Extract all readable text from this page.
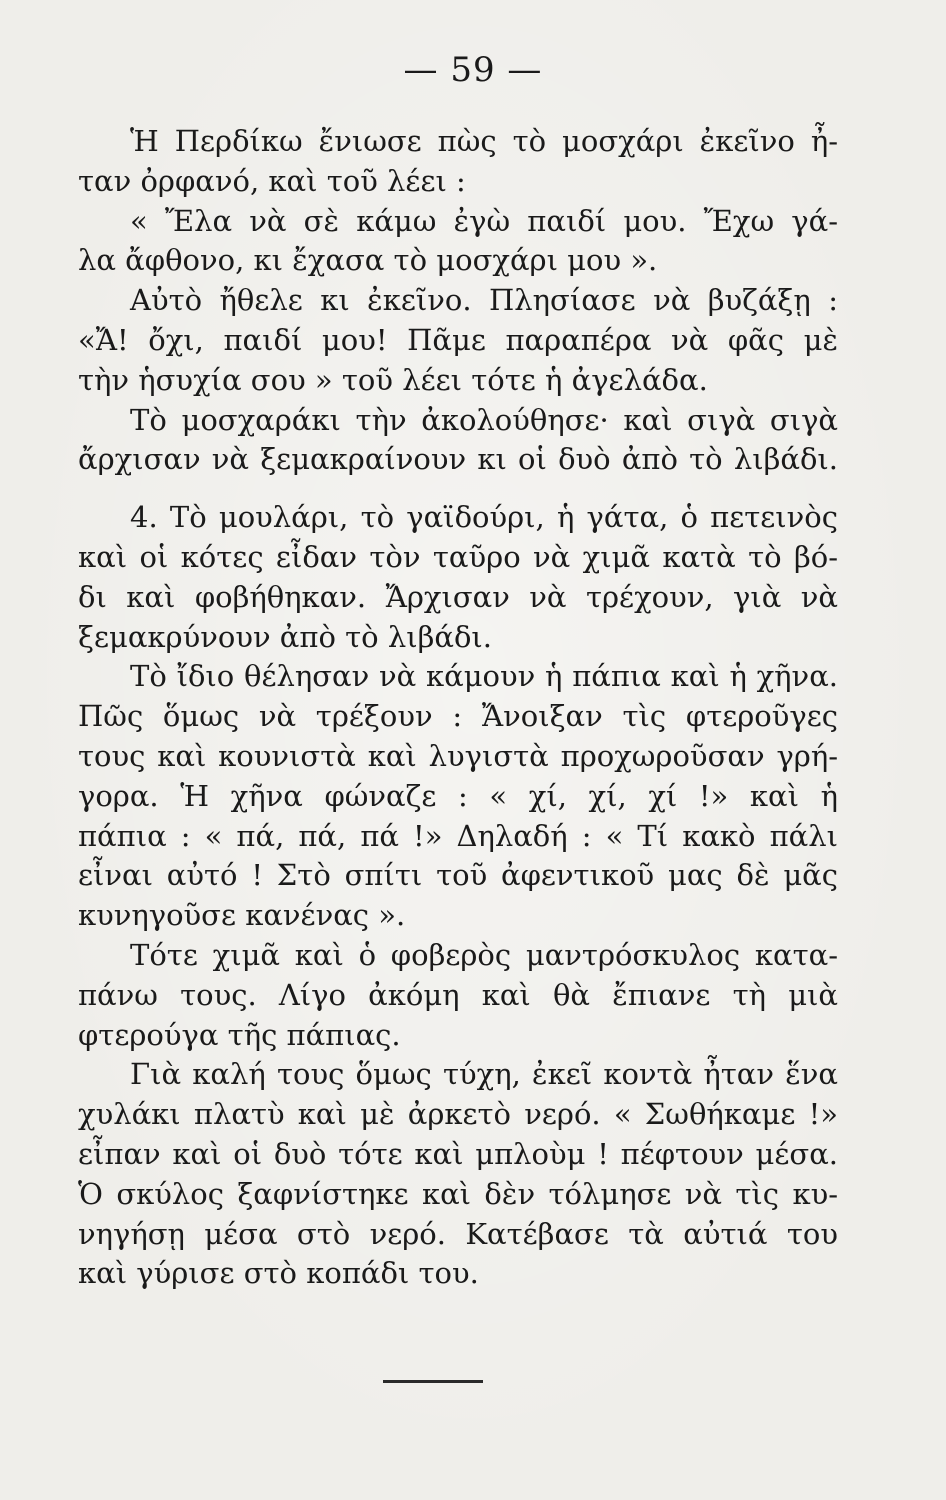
— 59 —
Ἡ Περδίκω ἔνιωσε πὼς τὸ μοσχάρι ἐκεῖνο ἦ-
ταν ὀρφανό, καὶ τοῦ λέει :
« Ἔλα νὰ σὲ κάμω ἐγὼ παιδί μου. Ἔχω γά-
λα ἄφθονο, κι ἔχασα τὸ μοσχάρι μου ».
Αὐτὸ ἤθελε κι ἐκεῖνο. Πλησίασε νὰ βυζάξῃ :
«Ἄ! ὄχι, παιδί μου! Πᾶμε παραπέρα νὰ φᾶς μὲ
τὴν ἡσυχία σου » τοῦ λέει τότε ἡ ἀγελάδα.
Τὸ μοσχαράκι τὴν ἀκολούθησε· καὶ σιγὰ σιγὰ
ἄρχισαν νὰ ξεμακραίνουν κι οἱ δυὸ ἀπὸ τὸ λιβάδι.
4. Τὸ μουλάρι, τὸ γαϊδούρι, ἡ γάτα, ὁ πετεινὸς
καὶ οἱ κότες εἶδαν τὸν ταῦρο νὰ χιμᾶ κατὰ τὸ βό-
δι καὶ φοβήθηκαν. Ἄρχισαν νὰ τρέχουν, γιὰ νὰ
ξεμακρύνουν ἀπὸ τὸ λιβάδι.
Τὸ ἴδιο θέλησαν νὰ κάμουν ἡ πάπια καὶ ἡ χῆνα.
Πῶς ὅμως νὰ τρέξουν : Ἄνοιξαν τὶς φτεροῦγες
τους καὶ κουνιστὰ καὶ λυγιστὰ προχωροῦσαν γρή-
γορα. Ἡ χῆνα φώναζε : « χί, χί, χί !» καὶ ἡ
πάπια : « πά, πά, πά !» Δηλαδή : « Τί κακὸ πάλι
εἶναι αὐτό ! Στὸ σπίτι τοῦ ἀφεντικοῦ μας δὲ μᾶς
κυνηγοῦσε κανένας ».
Τότε χιμᾶ καὶ ὁ φοβερὸς μαντρόσκυλος κατα-
πάνω τους. Λίγο ἀκόμη καὶ θὰ ἔπιανε τὴ μιὰ
φτερούγα τῆς πάπιας.
Γιὰ καλή τους ὅμως τύχη, ἐκεῖ κοντὰ ἦταν ἕνα
χυλάκι πλατὺ καὶ μὲ ἀρκετὸ νερό. « Σωθήκαμε !»
εἶπαν καὶ οἱ δυὸ τότε καὶ μπλοὺμ ! πέφτουν μέσα.
Ὁ σκύλος ξαφνίστηκε καὶ δὲν τόλμησε νὰ τὶς κυ-
νηγήσῃ μέσα στὸ νερό. Κατέβασε τὰ αὐτιά του
καὶ γύρισε στὸ κοπάδι του.
